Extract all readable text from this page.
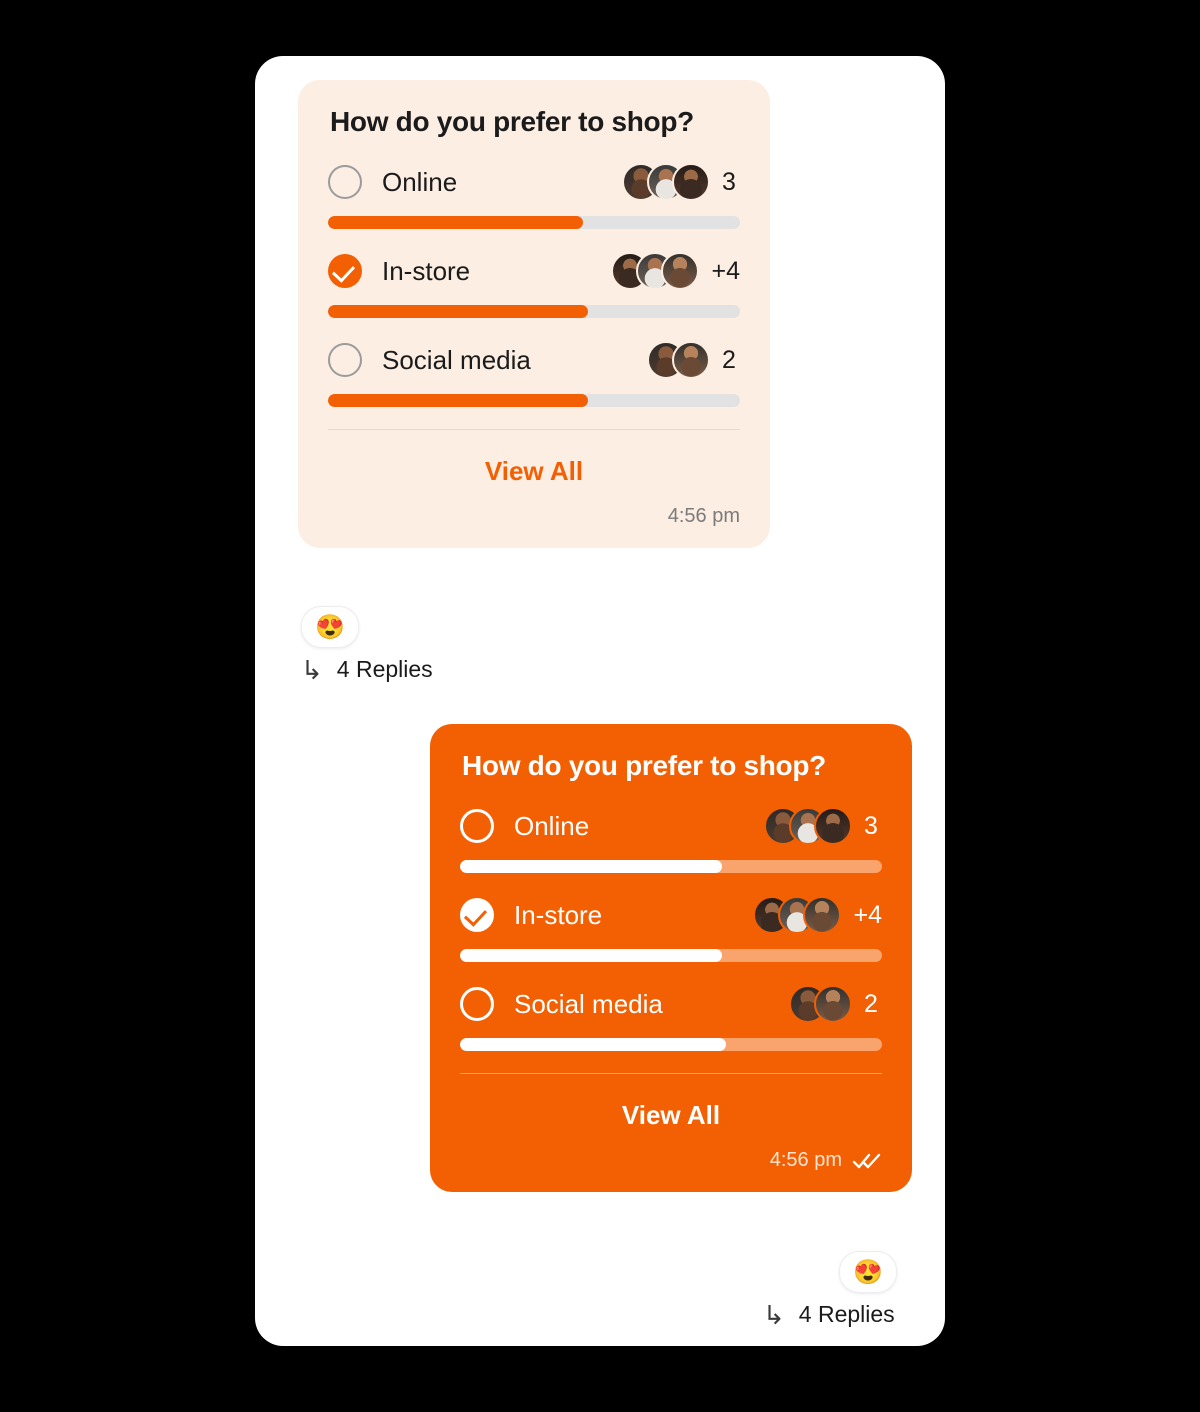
How do you prefer to shop?
Online	3
In-store	+4
Social media	2
View All
4:56 pm
😍
↳ 4 Replies
How do you prefer to shop?
Online	3
In-store	+4
Social media	2
View All
4:56 pm
😍
↳ 4 Replies
